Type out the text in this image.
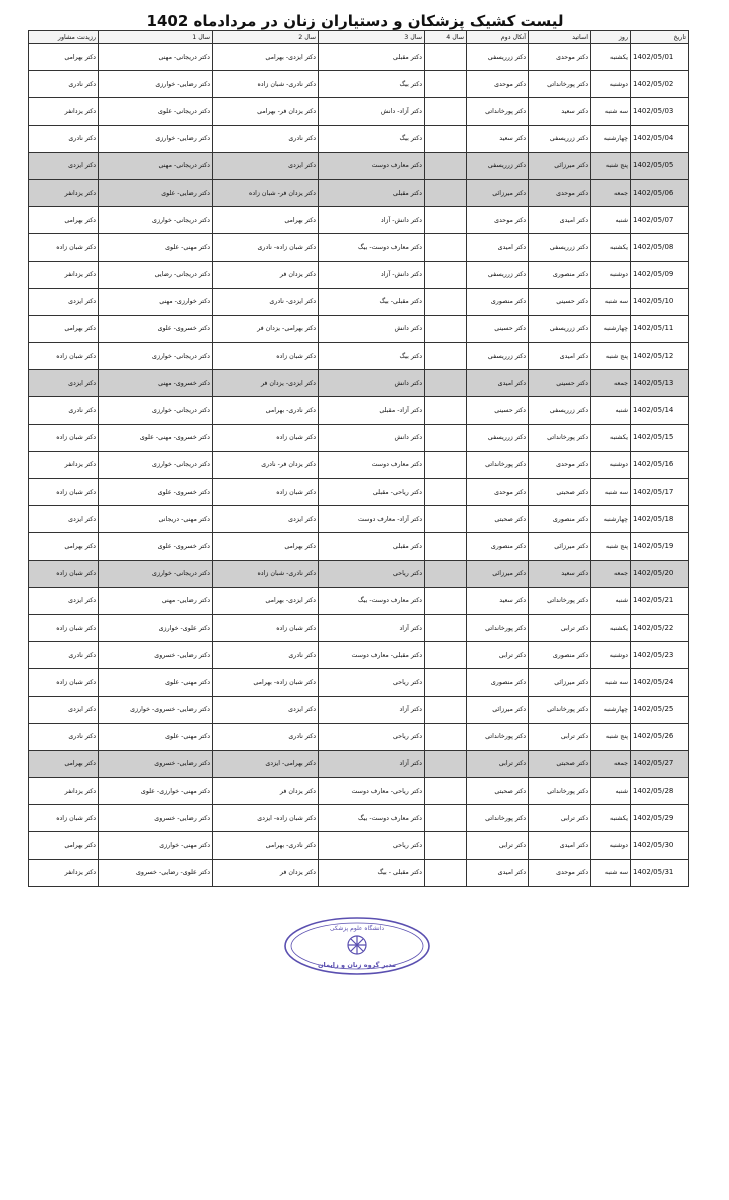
لیست کشیک پزشکان و دستیاران زنان در مردادماه 1402
تاریخ	روز	اساتید	آنکال دوم	سال 4	سال 3	سال 2	سال 1	رزیدنت مشاور
1402/05/01	یکشنبه	دکتر موحدی	دکتر زرریسفی		دکتر مقبلی	دکتر ایزدی- بهرامی	دکتر دریجانی- مهنی	دکتر بهرامی
1402/05/02	دوشنبه	دکتر پورخانداتی	دکتر موحدی		دکتر بیگ	دکتر نادری- شبان زاده	دکتر رضایی- خوارزی	دکتر نادری
1402/05/03	سه شنبه	دکتر سعید	دکتر پورخانداتی		دکتر آزاد- دانش	دکتر یزدان فر- بهرامی	دکتر دریجانی- علوی	دکتر یزدانفر
1402/05/04	چهارشنبه	دکتر زرریسفی	دکتر سعید		دکتر بیگ	دکتر نادری	دکتر رضایی- خوارزی	دکتر نادری
1402/05/05	پنج شنبه	دکتر میرزائی	دکتر زرریسفی		دکتر معارف دوست	دکتر ایزدی	دکتر دریجانی- مهنی	دکتر ایزدی
1402/05/06	جمعه	دکتر موحدی	دکتر میرزائی		دکتر مقبلی	دکتر یزدان فر- شبان زاده	دکتر رضایی- علوی	دکتر یزدانفر
1402/05/07	شنبه	دکتر امیدی	دکتر موحدی		دکتر دانش- آزاد	دکتر بهرامی	دکتر دریجانی- خوارزی	دکتر بهرامی
1402/05/08	یکشنبه	دکتر زرریسفی	دکتر امیدی		دکتر معارف دوست- بیگ	دکتر شبان زاده- نادری	دکتر مهنی- علوی	دکتر شبان زاده
1402/05/09	دوشنبه	دکتر منصوری	دکتر زرریسفی		دکتر دانش- آزاد	دکتر یزدان فر	دکتر دریجانی- رضایی	دکتر یزدانفر
1402/05/10	سه شنبه	دکتر حسینی	دکتر منصوری		دکتر مقبلی- بیگ	دکتر ایزدی- نادری	دکتر خوارزی- مهنی	دکتر ایزدی
1402/05/11	چهارشنبه	دکتر زرریسفی	دکتر حسینی		دکتر دانش	دکتر بهرامی- یزدان فر	دکتر خسروی- علوی	دکتر بهرامی
1402/05/12	پنج شنبه	دکتر امیدی	دکتر زرریسفی		دکتر بیگ	دکتر شبان زاده	دکتر دریجانی- خوارزی	دکتر شبان زاده
1402/05/13	جمعه	دکتر حسینی	دکتر امیدی		دکتر دانش	دکتر ایزدی- یزدان فر	دکتر خسروی- مهنی	دکتر ایزدی
1402/05/14	شنبه	دکتر زرریسفی	دکتر حسینی		دکتر آزاد- مقبلی	دکتر نادری- بهرامی	دکتر دریجانی- خوارزی	دکتر نادری
1402/05/15	یکشنبه	دکتر پورخانداتی	دکتر زرریسفی		دکتر دانش	دکتر شبان زاده	دکتر خسروی- مهنی- علوی	دکتر شبان زاده
1402/05/16	دوشنبه	دکتر موحدی	دکتر پورخانداتی		دکتر معارف دوست	دکتر یزدان فر- نادری	دکتر دریجانی- خوارزی	دکتر یزدانفر
1402/05/17	سه شنبه	دکتر صحبتی	دکتر موحدی		دکتر ریاحی- مقبلی	دکتر شبان زاده	دکتر خسروی- علوی	دکتر شبان زاده
1402/05/18	چهارشنبه	دکتر منصوری	دکتر صحبتی		دکتر آزاد- معارف دوست	دکتر ایزدی	دکتر مهنی- دریجانی	دکتر ایزدی
1402/05/19	پنج شنبه	دکتر میرزائی	دکتر منصوری		دکتر مقبلی	دکتر بهرامی	دکتر خسروی- علوی	دکتر بهرامی
1402/05/20	جمعه	دکتر سعید	دکتر میرزائی		دکتر ریاحی	دکتر نادری- شبان زاده	دکتر دریجانی- خوارزی	دکتر شبان زاده
1402/05/21	شنبه	دکتر پورخانداتی	دکتر سعید		دکتر معارف دوست- بیگ	دکتر ایزدی- بهرامی	دکتر رضایی- مهنی	دکتر ایزدی
1402/05/22	یکشنبه	دکتر ترابی	دکتر پورخانداتی		دکتر آزاد	دکتر شبان زاده	دکتر علوی- خوارزی	دکتر شبان زاده
1402/05/23	دوشنبه	دکتر منصوری	دکتر ترابی		دکتر مقبلی- معارف دوست	دکتر نادری	دکتر رضایی- خسروی	دکتر نادری
1402/05/24	سه شنبه	دکتر میرزائی	دکتر منصوری		دکتر ریاحی	دکتر شبان زاده- بهرامی	دکتر مهنی- علوی	دکتر شبان زاده
1402/05/25	چهارشنبه	دکتر پورخانداتی	دکتر میرزائی		دکتر آزاد	دکتر ایزدی	دکتر رضایی- خسروی- خوارزی	دکتر ایزدی
1402/05/26	پنج شنبه	دکتر ترابی	دکتر پورخانداتی		دکتر ریاحی	دکتر نادری	دکتر مهنی- علوی	دکتر نادری
1402/05/27	جمعه	دکتر صحبتی	دکتر ترابی		دکتر آزاد	دکتر بهرامی- ایزدی	دکتر رضایی- خسروی	دکتر بهرامی
1402/05/28	شنبه	دکتر پورخانداتی	دکتر صحبتی		دکتر ریاحی- معارف دوست	دکتر یزدان فر	دکتر مهنی- خوارزی- علوی	دکتر یزدانفر
1402/05/29	یکشنبه	دکتر ترابی	دکتر پورخانداتی		دکتر معارف دوست- بیگ	دکتر شبان زاده- ایزدی	دکتر رضایی- خسروی	دکتر شبان زاده
1402/05/30	دوشنبه	دکتر امیدی	دکتر ترابی		دکتر ریاحی	دکتر نادری- بهرامی	دکتر مهنی- خوارزی	دکتر بهرامی
1402/05/31	سه شنبه	دکتر موحدی	دکتر امیدی		دکتر مقبلی - بیگ	دکتر یزدان فر	دکتر علوی- رضایی- خسروی	دکتر یزدانفر
دانشگاه علوم پزشکی
مدیر گروه زنان و زایمان
